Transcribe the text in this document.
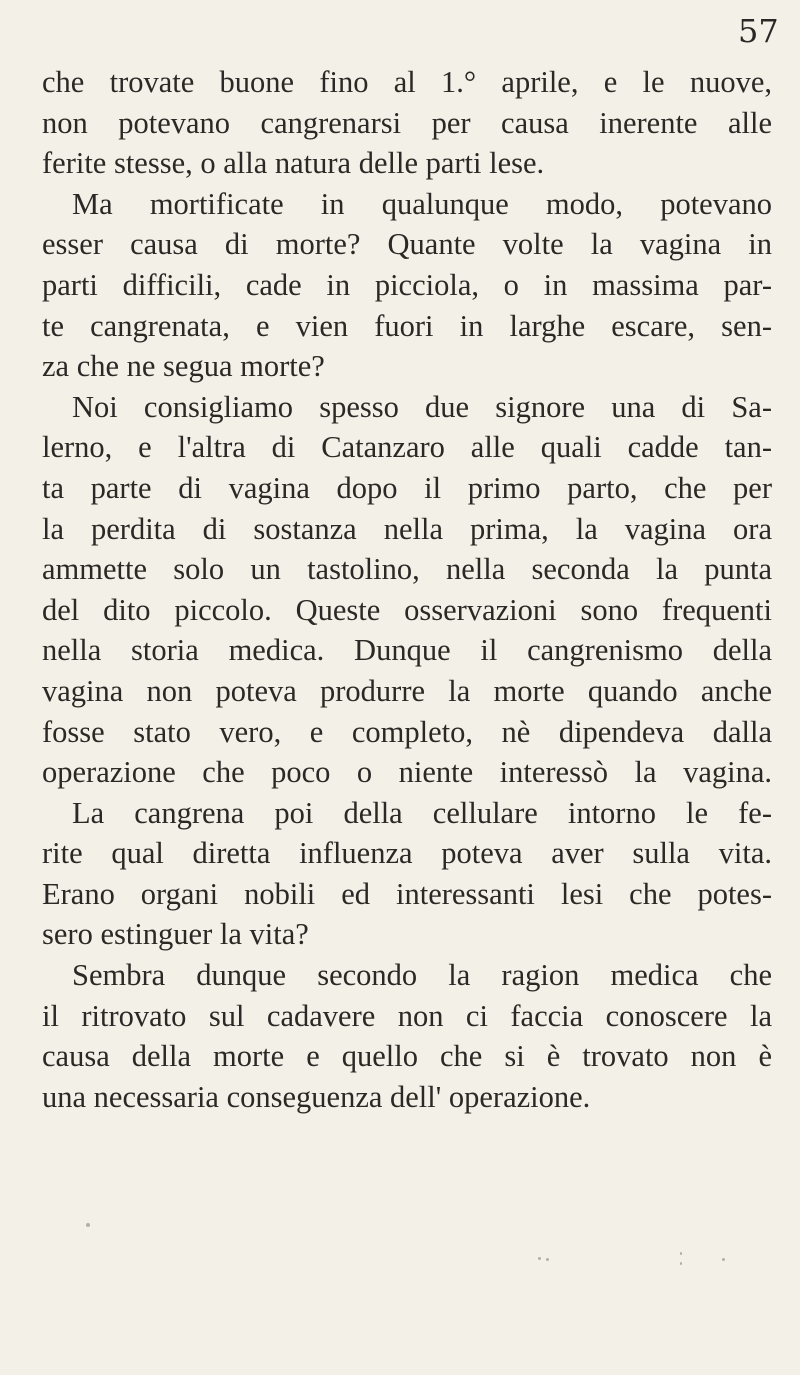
57
che trovate buone fino al 1.° aprile, e le nuove,
non potevano cangrenarsi per causa inerente alle
ferite stesse, o alla natura delle parti lese.
Ma mortificate in qualunque modo, potevano
esser causa di morte? Quante volte la vagina in
parti difficili, cade in picciola, o in massima par-
te cangrenata, e vien fuori in larghe escare, sen-
za che ne segua morte?
Noi consigliamo spesso due signore una di Sa-
lerno, e l'altra di Catanzaro alle quali cadde tan-
ta parte di vagina dopo il primo parto, che per
la perdita di sostanza nella prima, la vagina ora
ammette solo un tastolino, nella seconda la punta
del dito piccolo. Queste osservazioni sono frequenti
nella storia medica. Dunque il cangrenismo della
vagina non poteva produrre la morte quando anche
fosse stato vero, e completo, nè dipendeva dalla
operazione che poco o niente interessò la vagina.
La cangrena poi della cellulare intorno le fe-
rite qual diretta influenza poteva aver sulla vita.
Erano organi nobili ed interessanti lesi che potes-
sero estinguer la vita?
Sembra dunque secondo la ragion medica che
il ritrovato sul cadavere non ci faccia conoscere la
causa della morte e quello che si è trovato non è
una necessaria conseguenza dell' operazione.
